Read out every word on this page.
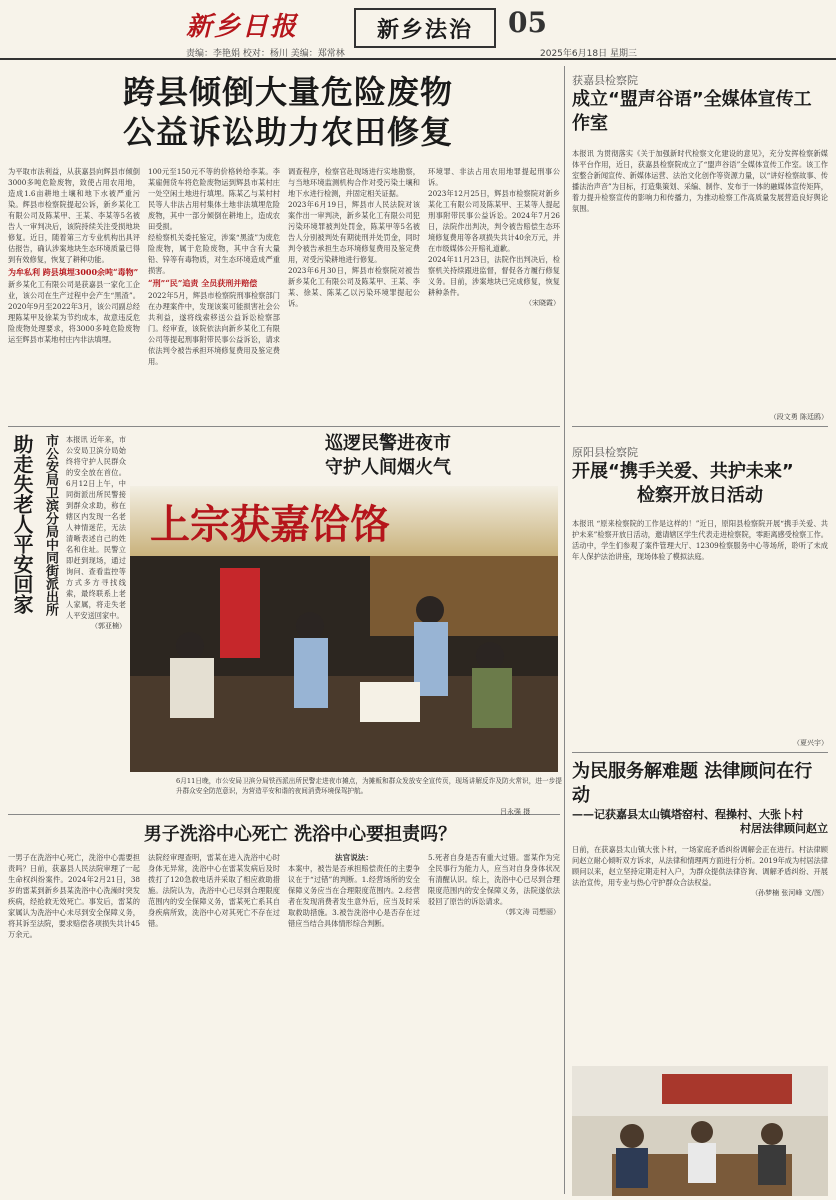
新乡日报
责编：李艳娟 校对：杨川 美编：郑常林
新乡法治	05
2025年6月18日 星期三
跨县倾倒大量危险废物
公益诉讼助力农田修复

为平取市法利益，从获嘉县向辉县市倾倒3000多吨危险废物，致使占用农用地，造成1.6亩耕地土壤和地下水被严重污染。辉县市检察院提起公诉，新乡某化工有限公司及陈某甲、王某、李某等5名被告人一审判决后，该院持续关注受损地块修复。近日，随着第三方专业机构出具评估报告，确认涉案地块生态环境质量已得到有效修复，恢复了耕种功能。

为牟私利 跨县填埋3000余吨“毒物”

新乡某化工有限公司是获嘉县一家化工企业，该公司在生产过程中会产生“黑渣”。2020年9月至2022年3月，该公司副总经理陈某甲及徐某为节约成本，故意违反危险废物处理要求，将3000多吨危险废物运至辉县市某地村庄内非法填埋。

100元至150元不等的价格转给李某。李某雇佣货车将危险废物运到辉县市某村庄一处空闲土地进行填埋。陈某乙与某村村民等人非法占用村集体土地非法填埋危险废物，其中一部分倾倒在耕地上，造成农田受损。

经检察机关委托鉴定，涉案“黑渣”为废危险废物，属于危险废物，其中含有大量铅、锌等有毒物质，对生态环境造成严重损害。

“刑”“民”追责 全员获刑并赔偿

2022年5月，辉县市检察院刑事检察部门在办理案件中，发现该案可能损害社会公共利益，遂将线索移送公益诉讼检察部门。经审查，该院依法向新乡某化工有限公司等提起刑事附带民事公益诉讼，请求依法判令被告承担环境修复费用及鉴定费用。

调查程序，检察官赴现场进行实地勘察，与当地环境监测机构合作对受污染土壤和地下水进行检测，并固定相关证据。

2023年6月19日，辉县市人民法院对该案作出一审判决，新乡某化工有限公司犯污染环境罪被判处罚金，陈某甲等5名被告人分别被判处有期徒刑并处罚金，同时判令被告承担生态环境修复费用及鉴定费用，对受污染耕地进行修复。

2023年6月30日，辉县市检察院对被告新乡某化工有限公司及陈某甲、王某、李某、徐某、陈某乙以污染环境罪提起公诉。

环境罪、非法占用农用地罪提起刑事公诉。

2023年12月25日，辉县市检察院对新乡某化工有限公司及陈某甲、王某等人提起刑事附带民事公益诉讼。2024年7月26日，法院作出判决，判令被告赔偿生态环境修复费用等各项损失共计40余万元，并在市级媒体公开赔礼道歉。

2024年11月23日，法院作出判决后，检察机关持续跟进监督，督促各方履行修复义务。目前，涉案地块已完成修复，恢复耕种条件。

（宋晓霞）

获嘉县检察院
成立“盟声谷语”全媒体宣传工作室

本报讯 为贯彻落实《关于加强新时代检察文化建设的意见》，充分发挥检察新媒体平台作用，近日，获嘉县检察院成立了“盟声谷语”全媒体宣传工作室。该工作室整合新闻宣传、新媒体运营、法治文化创作等资源力量，以“讲好检察故事、传播法治声音”为目标，打造集策划、采编、制作、发布于一体的融媒体宣传矩阵，着力提升检察宣传的影响力和传播力，为推动检察工作高质量发展营造良好舆论氛围。

（段文勇 陈廷鸥）
原阳县检察院
开展“携手关爱、共护未来”
检察开放日活动

本报讯 “原来检察院的工作是这样的！”近日，原阳县检察院开展“携手关爱、共护未来”检察开放日活动，邀请辖区学生代表走进检察院，零距离感受检察工作。活动中，学生们参观了案件管理大厅、12309检察服务中心等场所，聆听了未成年人保护法治讲座，现场体验了模拟法庭。

（夏兴宇）
为民服务解难题 法律顾问在行动
——记获嘉县太山镇塔窑村、程操村、大张卜村
村居法律顾问赵立

日前，在获嘉县太山镇大张卜村，一场家庭矛盾纠纷调解会正在进行。村法律顾问赵立耐心倾听双方诉求，从法律和情理两方面进行分析。2019年成为村居法律顾问以来，赵立坚持定期走村入户，为群众提供法律咨询、调解矛盾纠纷、开展法治宣传，用专业与热心守护群众合法权益。

（孙梦楠 张河峰 文/图）

助走失老人平安回家 市公安局卫滨分局中同街派出所 本报讯 近年来，市公安局卫滨分局始终将守护人民群众的安全放在首位。6月12日上午，中同街派出所民警接到群众求助，称在辖区内发现一名老人神情迷茫，无法清晰表述自己的姓名和住址。民警立即赶到现场，通过询问、查看监控等方式多方寻找线索，最终联系上老人家属，将走失老人平安送回家中。

（郭亚楠）

巡逻民警进夜市
守护人间烟火气
上宗获嘉饸饹
6月11日晚，市公安局卫滨分局铁西派出所民警走进夜市摊点，为摊贩和群众发放安全宣传页，现场讲解反诈及防火常识，进一步提升群众安全防范意识，为营造平安和谐的夜间消费环境保驾护航。
吕永强 摄
男子洗浴中心死亡 洗浴中心要担责吗？

一男子在洗浴中心死亡，洗浴中心需要担责吗？日前，获嘉县人民法院审理了一起生命权纠纷案件。2024年2月21日，38岁的雷某到新乡县某洗浴中心洗澡时突发疾病，经抢救无效死亡。事发后，雷某的家属认为洗浴中心未尽到安全保障义务，将其诉至法院，要求赔偿各项损失共计45万余元。

法院经审理查明，雷某在进入洗浴中心时身体无异常，洗浴中心在雷某发病后及时拨打了120急救电话并采取了相应救助措施。法院认为，洗浴中心已尽到合理限度范围内的安全保障义务，雷某死亡系其自身疾病所致，洗浴中心对其死亡不存在过错。

法官说法：

本案中，被告是否承担赔偿责任的主要争议在于“过错”的判断。1.经营场所的安全保障义务应当在合理限度范围内。2.经营者在发现消费者发生意外后，应当及时采取救助措施。3.被告洗浴中心是否存在过错应当结合具体情形综合判断。

5.死者自身是否有重大过错。雷某作为完全民事行为能力人，应当对自身身体状况有清醒认识。综上，洗浴中心已尽到合理限度范围内的安全保障义务，法院遂依法驳回了原告的诉讼请求。

（郭文涛 司想丽）
